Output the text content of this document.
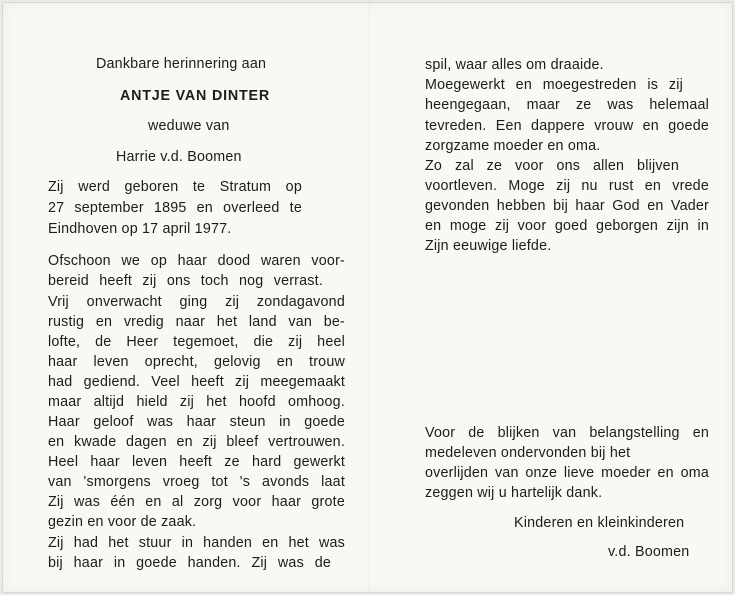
Dankbare herinnering aan
ANTJE VAN DINTER
weduwe van
Harrie v.d. Boomen
Zij werd geboren te Stratum op
27 september 1895 en overleed te
Eindhoven op 17 april 1977.
Ofschoon we op haar dood waren voor-
bereid heeft zij ons toch nog verrast.
Vrij onverwacht ging zij zondagavond
rustig en vredig naar het land van be-
lofte, de Heer tegemoet, die zij heel
haar leven oprecht, gelovig en trouw
had gediend. Veel heeft zij meegemaakt
maar altijd hield zij het hoofd omhoog.
Haar geloof was haar steun in goede
en kwade dagen en zij bleef vertrouwen.
Heel haar leven heeft ze hard gewerkt
van 'smorgens vroeg tot 's avonds laat
Zij was één en al zorg voor haar grote
gezin en voor de zaak.
Zij had het stuur in handen en het was
bij haar in goede handen. Zij was de
spil, waar alles om draaide.
Moegewerkt en moegestreden is zij
heengegaan, maar ze was helemaal
tevreden. Een dappere vrouw en goede
zorgzame moeder en oma.
Zo zal ze voor ons allen blijven
voortleven. Moge zij nu rust en vrede
gevonden hebben bij haar God en Vader
en moge zij voor goed geborgen zijn in
Zijn eeuwige liefde.
Voor de blijken van belangstelling en
medeleven ondervonden bij het
overlijden van onze lieve moeder en oma
zeggen wij u hartelijk dank.
Kinderen en kleinkinderen
v.d. Boomen
